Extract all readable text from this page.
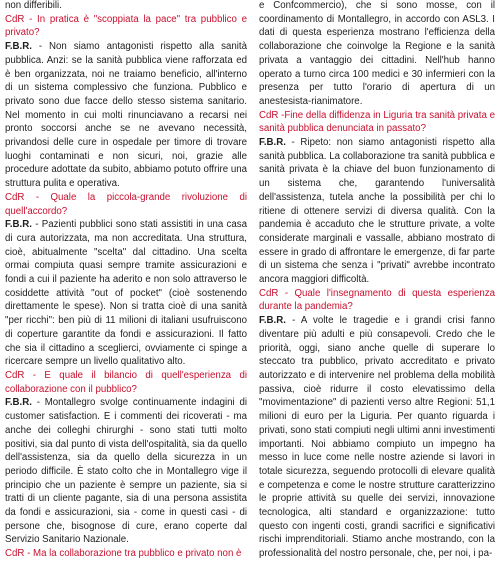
non differibili.

CdR - In pratica è "scoppiata la pace" tra pubblico e privato?

F.B.R. - Non siamo antagonisti rispetto alla sanità pubblica. Anzi: se la sanità pubblica viene rafforzata ed è ben organizzata, noi ne traiamo beneficio, all'interno di un sistema complessivo che funziona. Pubblico e privato sono due facce dello stesso sistema sanitario. Nel momento in cui molti rinunciavano a recarsi nei pronto soccorsi anche se ne avevano necessità, privandosi delle cure in ospedale per timore di trovare luoghi contaminati e non sicuri, noi, grazie alle procedure adottate da subito, abbiamo potuto offrire una struttura pulita e operativa.

CdR - Quale la piccola-grande rivoluzione di quell'accordo?

F.B.R. - Pazienti pubblici sono stati assistiti in una casa di cura autorizzata, ma non accreditata. Una struttura, cioè, abitualmente "scelta" dal cittadino. Una scelta ormai compiuta quasi sempre tramite assicurazioni e fondi a cui il paziente ha aderito e non solo attraverso le cosiddette attività "out of pocket" (cioè sostenendo direttamente le spese). Non si tratta cioè di una sanità "per ricchi": ben più di 11 milioni di italiani usufruiscono di coperture garantite da fondi e assicurazioni. Il fatto che sia il cittadino a sceglierci, ovviamente ci spinge a ricercare sempre un livello qualitativo alto.

CdR - E quale il bilancio di quell'esperienza di collaborazione con il pubblico?

F.B.R. - Montallegro svolge continuamente indagini di customer satisfaction. E i commenti dei ricoverati - ma anche dei colleghi chirurghi - sono stati tutti molto positivi, sia dal punto di vista dell'ospitalità, sia da quello dell'assistenza, sia da quello della sicurezza in un periodo difficile. È stato colto che in Montallegro vige il principio che un paziente è sempre un paziente, sia si tratti di un cliente pagante, sia di una persona assistita da fondi e assicurazioni, sia - come in questi casi - di persone che, bisognose di cure, erano coperte dal Servizio Sanitario Nazionale.

CdR - Ma la collaborazione tra pubblico e privato non è

e Confcommercio), che si sono mosse, con il coordinamento di Montallegro, in accordo con ASL3. I dati di questa esperienza mostrano l'efficienza della collaborazione che coinvolge la Regione e la sanità privata a vantaggio dei cittadini. Nell'hub hanno operato a turno circa 100 medici e 30 infermieri con la presenza per tutto l'orario di apertura di un anestesista-rianimatore.

CdR -Fine della diffidenza in Liguria tra sanità privata e sanità pubblica denunciata in passato?

F.B.R. - Ripeto: non siamo antagonisti rispetto alla sanità pubblica. La collaborazione tra sanità pubblica e sanità privata è la chiave del buon funzionamento di un sistema che, garantendo l'universalità dell'assistenza, tutela anche la possibilità per chi lo ritiene di ottenere servizi di diversa qualità. Con la pandemia è accaduto che le strutture private, a volte considerate marginali e vassalle, abbiano mostrato di essere in grado di affrontare le emergenze, di far parte di un sistema che senza i "privati" avrebbe incontrato ancora maggiori difficoltà.

CdR - Quale l'insegnamento di questa esperienza durante la pandemia?

F.B.R. - A volte le tragedie e i grandi crisi fanno diventare più adulti e più consapevoli. Credo che le priorità, oggi, siano anche quelle di superare lo steccato tra pubblico, privato accreditato e privato autorizzato e di intervenire nel problema della mobilità passiva, cioè ridurre il costo elevatissimo della "movimentazione" di pazienti verso altre Regioni: 51,1 milioni di euro per la Liguria. Per quanto riguarda i privati, sono stati compiuti negli ultimi anni investimenti importanti. Noi abbiamo compiuto un impegno ha messo in luce come nelle nostre aziende si lavori in totale sicurezza, seguendo protocolli di elevare qualità e competenza e come le nostre strutture caratterizzino le proprie attività su quelle dei servizi, innovazione tecnologica, alti standard e organizzazione: tutto questo con ingenti costi, grandi sacrifici e significativi rischi imprenditoriali. Stiamo anche mostrando, con la professionalità del nostro personale, che, per noi, i pa-
